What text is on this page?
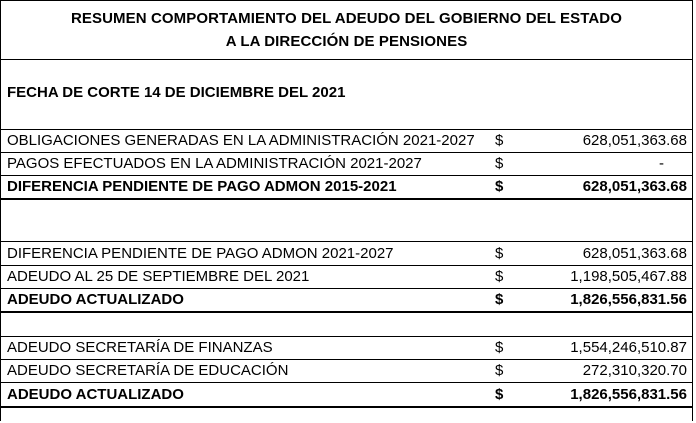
RESUMEN COMPORTAMIENTO DEL ADEUDO DEL GOBIERNO DEL ESTADO
A LA DIRECCIÓN DE PENSIONES
FECHA DE CORTE 14 DE DICIEMBRE DEL 2021
OBLIGACIONES GENERADAS EN LA ADMINISTRACIÓN 2021-2027 $	628,051,363.68
PAGOS EFECTUADOS EN LA ADMINISTRACIÓN 2021-2027	$	-
DIFERENCIA PENDIENTE DE PAGO ADMON 2015-2021	$	628,051,363.68
DIFERENCIA PENDIENTE DE PAGO ADMON 2021-2027	$	628,051,363.68
ADEUDO AL 25 DE SEPTIEMBRE DEL 2021	$	1,198,505,467.88
ADEUDO ACTUALIZADO	$	1,826,556,831.56
ADEUDO SECRETARÍA DE FINANZAS	$	1,554,246,510.87
ADEUDO SECRETARÍA DE EDUCACIÓN	$	272,310,320.70
ADEUDO ACTUALIZADO	$	1,826,556,831.56
